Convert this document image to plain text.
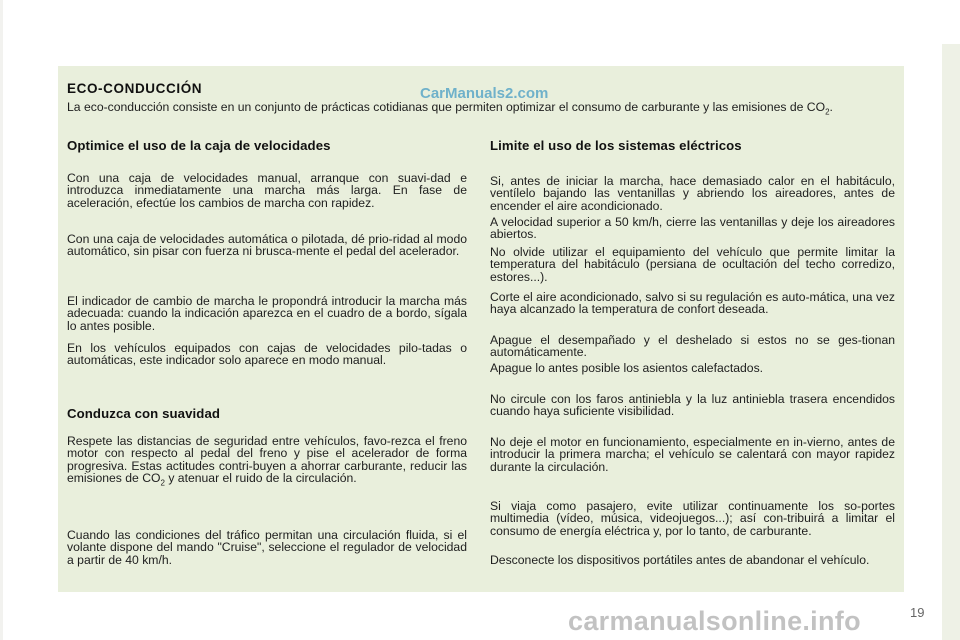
ECO-CONDUCCIÓN

La eco-conducción consiste en un conjunto de prácticas cotidianas que permiten optimizar el consumo de carburante y las emisiones de $CO_2$.

Optimice el uso de la caja de velocidades

Con una caja de velocidades manual, arranque con suavi-dad e introduzca inmediatamente una marcha más larga. En fase de aceleración, efectúe los cambios de marcha con rapidez.

Con una caja de velocidades automática o pilotada, dé prio-ridad al modo automático, sin pisar con fuerza ni brusca-mente el pedal del acelerador.

El indicador de cambio de marcha le propondrá introducir la marcha más adecuada: cuando la indicación aparezca en el cuadro de a bordo, sígala lo antes posible.

En los vehículos equipados con cajas de velocidades pilo-tadas o automáticas, este indicador solo aparece en modo manual.

Conduzca con suavidad

Respete las distancias de seguridad entre vehículos, favo-rezca el freno motor con respecto al pedal del freno y pise el acelerador de forma progresiva. Estas actitudes contri-buyen a ahorrar carburante, reducir las emisiones de $CO_2$ y atenuar el ruido de la circulación.

Cuando las condiciones del tráfico permitan una circulación fluida, si el volante dispone del mando "Cruise", seleccione el regulador de velocidad a partir de 40 km/h.

Limite el uso de los sistemas eléctricos

Si, antes de iniciar la marcha, hace demasiado calor en el habitáculo, ventílelo bajando las ventanillas y abriendo los aireadores, antes de encender el aire acondicionado.

A velocidad superior a 50 km/h, cierre las ventanillas y deje los aireadores abiertos.

No olvide utilizar el equipamiento del vehículo que permite limitar la temperatura del habitáculo (persiana de ocultación del techo corredizo, estores...).

Corte el aire acondicionado, salvo si su regulación es auto-mática, una vez haya alcanzado la temperatura de confort deseada.

Apague el desempañado y el deshelado si estos no se ges-tionan automáticamente.

Apague lo antes posible los asientos calefactados.

No circule con los faros antiniebla y la luz antiniebla trasera encendidos cuando haya suficiente visibilidad.

No deje el motor en funcionamiento, especialmente en in-vierno, antes de introducir la primera marcha; el vehículo se calentará con mayor rapidez durante la circulación.

Si viaja como pasajero, evite utilizar continuamente los so-portes multimedia (vídeo, música, videojuegos...); así con-tribuirá a limitar el consumo de energía eléctrica y, por lo tanto, de carburante.

Desconecte los dispositivos portátiles antes de abandonar el vehículo.

CarManuals2.com
carmanualsonline.info	19
